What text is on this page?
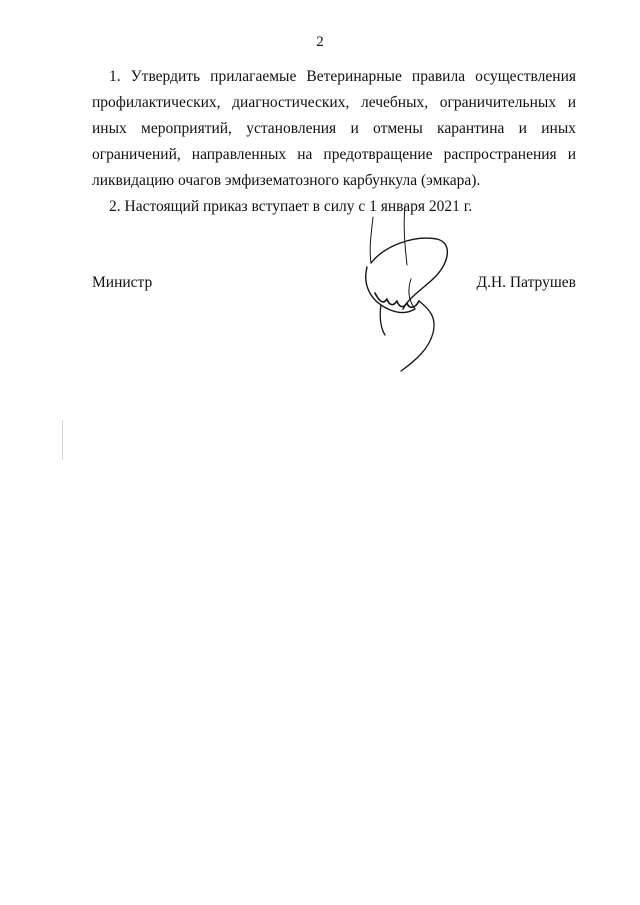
2
1. Утвердить прилагаемые Ветеринарные правила осуществления профилактических, диагностических, лечебных, ограничительных и иных мероприятий, установления и отмены карантина и иных ограничений, направленных на предотвращение распространения и ликвидацию очагов эмфизематозного карбункула (эмкара).
2. Настоящий приказ вступает в силу с 1 января 2021 г.
Министр	Д.Н. Патрушев
